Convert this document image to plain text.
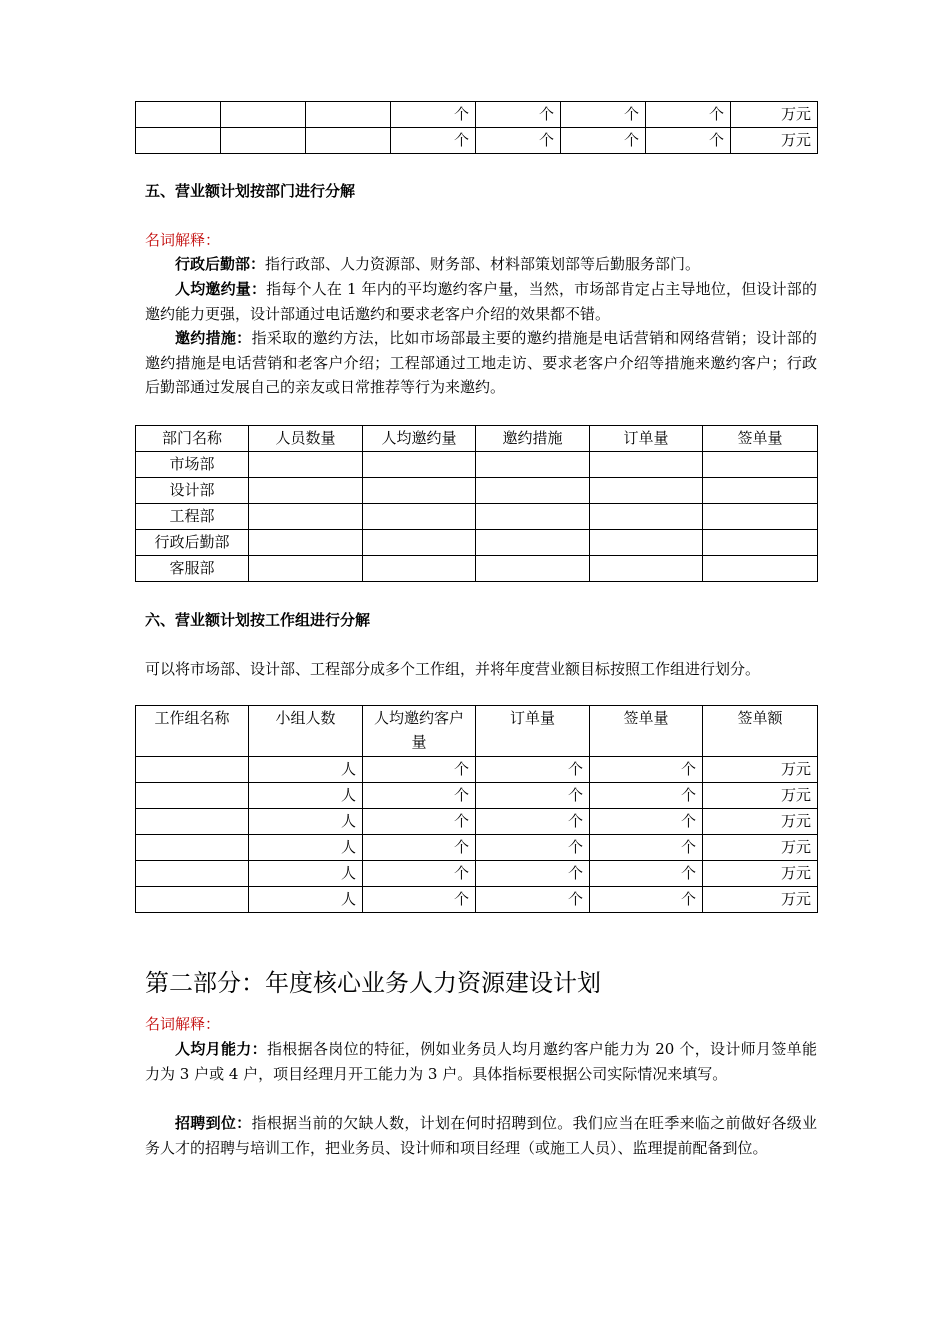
			个	个	个	个	万元
			个	个	个	个	万元
五、营业额计划按部门进行分解
名词解释：
行政后勤部：指行政部、人力资源部、财务部、材料部策划部等后勤服务部门。
人均邀约量：指每个人在 1 年内的平均邀约客户量，当然，市场部肯定占主导地位，但设计部的邀约能力更强，设计部通过电话邀约和要求老客户介绍的效果都不错。
邀约措施：指采取的邀约方法，比如市场部最主要的邀约措施是电话营销和网络营销；设计部的邀约措施是电话营销和老客户介绍；工程部通过工地走访、要求老客户介绍等措施来邀约客户；行政后勤部通过发展自己的亲友或日常推荐等行为来邀约。
部门名称	人员数量	人均邀约量	邀约措施	订单量	签单量
市场部					
设计部					
工程部					
行政后勤部					
客服部					
六、营业额计划按工作组进行分解
可以将市场部、设计部、工程部分成多个工作组，并将年度营业额目标按照工作组进行划分。
工作组名称	小组人数	人均邀约客户量	订单量	签单量	签单额
	人	个	个	个	万元
	人	个	个	个	万元
	人	个	个	个	万元
	人	个	个	个	万元
	人	个	个	个	万元
	人	个	个	个	万元
第二部分：年度核心业务人力资源建设计划
名词解释：
人均月能力：指根据各岗位的特征，例如业务员人均月邀约客户能力为 20 个，设计师月签单能力为 3 户或 4 户，项目经理月开工能力为 3 户。具体指标要根据公司实际情况来填写。
招聘到位：指根据当前的欠缺人数，计划在何时招聘到位。我们应当在旺季来临之前做好各级业务人才的招聘与培训工作，把业务员、设计师和项目经理（或施工人员）、监理提前配备到位。
